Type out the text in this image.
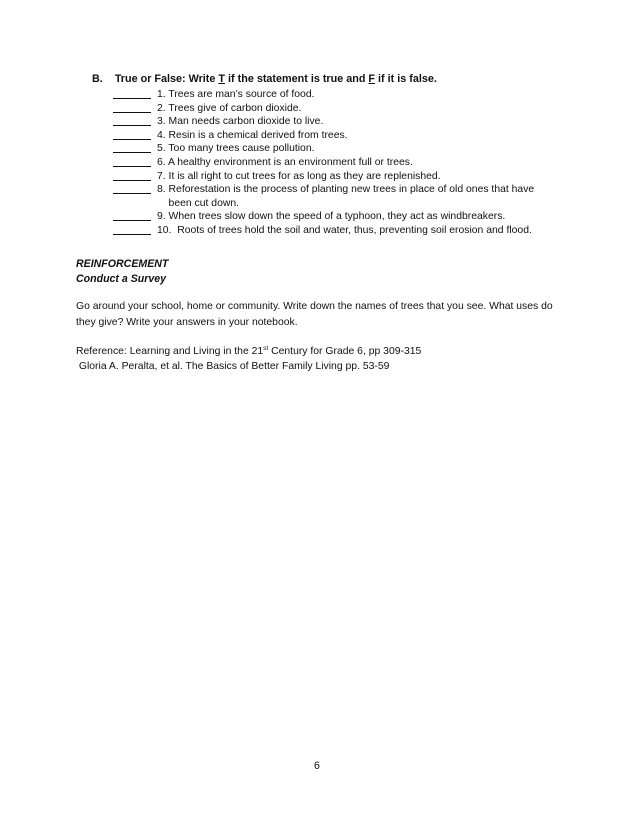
B. True or False: Write T if the statement is true and F if it is false.
1. Trees are man’s source of food.
2. Trees give of carbon dioxide.
3. Man needs carbon dioxide to live.
4. Resin is a chemical derived from trees.
5. Too many trees cause pollution.
6. A healthy environment is an environment full or trees.
7. It is all right to cut trees for as long as they are replenished.
8. Reforestation is the process of planting new trees in place of old ones that have
been cut down.
9. When trees slow down the speed of a typhoon, they act as windbreakers.
10.  Roots of trees hold the soil and water, thus, preventing soil erosion and flood.
REINFORCEMENT
Conduct a Survey
Go around your school, home or community. Write down the names of trees that you see. What uses do they give? Write your answers in your notebook.
Reference: Learning and Living in the 21st Century for Grade 6, pp 309-315
Gloria A. Peralta, et al. The Basics of Better Family Living pp. 53-59
6
